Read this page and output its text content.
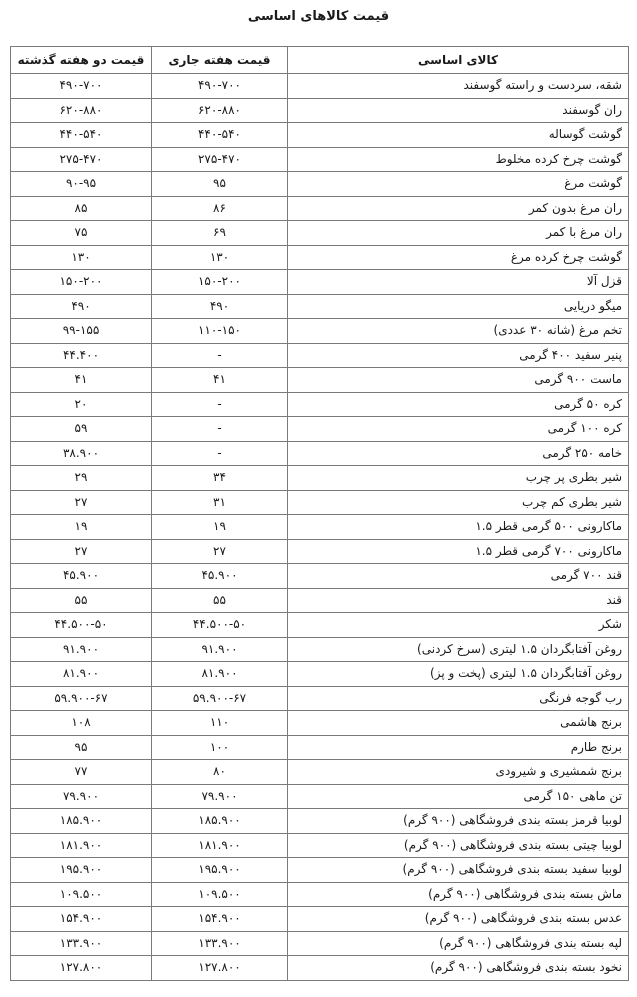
قیمت کالاهای اساسی
کالای اساسی	قیمت هفته جاری	قیمت دو هفته گذشته
شقه، سردست و راسته گوسفند	۴۹۰-۷۰۰	۴۹۰-۷۰۰
ران گوسفند	۶۲۰-۸۸۰	۶۲۰-۸۸۰
گوشت گوساله	۴۴۰-۵۴۰	۴۴۰-۵۴۰
گوشت چرخ کرده مخلوط	۲۷۵-۴۷۰	۲۷۵-۴۷۰
گوشت مرغ	۹۵	۹۰-۹۵
ران مرغ بدون کمر	۸۶	۸۵
ران مرغ با کمر	۶۹	۷۵
گوشت چرخ کرده مرغ	۱۳۰	۱۳۰
قزل آلا	۱۵۰-۲۰۰	۱۵۰-۲۰۰
میگو دریایی	۴۹۰	۴۹۰
تخم مرغ (شانه ۳۰ عددی)	۱۱۰-۱۵۰	۹۹-۱۵۵
پنیر سفید ۴۰۰ گرمی	-	۴۴.۴۰۰
ماست ۹۰۰ گرمی	۴۱	۴۱
کره ۵۰ گرمی	-	۲۰
کره ۱۰۰ گرمی	-	۵۹
خامه ۲۵۰ گرمی	-	۳۸.۹۰۰
شیر بطری پر چرب	۳۴	۲۹
شیر بطری کم چرب	۳۱	۲۷
ماکارونی ۵۰۰ گرمی قطر ۱.۵	۱۹	۱۹
ماکارونی ۷۰۰ گرمی قطر ۱.۵	۲۷	۲۷
قند ۷۰۰ گرمی	۴۵.۹۰۰	۴۵.۹۰۰
قند	۵۵	۵۵
شکر	۴۴.۵۰۰-۵۰	۴۴.۵۰۰-۵۰
روغن آفتابگردان ۱.۵ لیتری (سرخ کردنی)	۹۱.۹۰۰	۹۱.۹۰۰
روغن آفتابگردان ۱.۵ لیتری (پخت و پز)	۸۱.۹۰۰	۸۱.۹۰۰
رب گوجه فرنگی	۵۹.۹۰۰-۶۷	۵۹.۹۰۰-۶۷
برنج هاشمی	۱۱۰	۱۰۸
برنج طارم	۱۰۰	۹۵
برنج شمشیری و شیرودی	۸۰	۷۷
تن ماهی ۱۵۰ گرمی	۷۹.۹۰۰	۷۹.۹۰۰
لوبیا قرمز بسته بندی فروشگاهی (۹۰۰ گرم)	۱۸۵.۹۰۰	۱۸۵.۹۰۰
لوبیا چیتی بسته بندی فروشگاهی (۹۰۰ گرم)	۱۸۱.۹۰۰	۱۸۱.۹۰۰
لوبیا سفید بسته بندی فروشگاهی (۹۰۰ گرم)	۱۹۵.۹۰۰	۱۹۵.۹۰۰
ماش بسته بندی فروشگاهی (۹۰۰ گرم)	۱۰۹.۵۰۰	۱۰۹.۵۰۰
عدس بسته بندی فروشگاهی (۹۰۰ گرم)	۱۵۴.۹۰۰	۱۵۴.۹۰۰
لپه بسته بندی فروشگاهی (۹۰۰ گرم)	۱۳۳.۹۰۰	۱۳۳.۹۰۰
نخود بسته بندی فروشگاهی (۹۰۰ گرم)	۱۲۷.۸۰۰	۱۲۷.۸۰۰
